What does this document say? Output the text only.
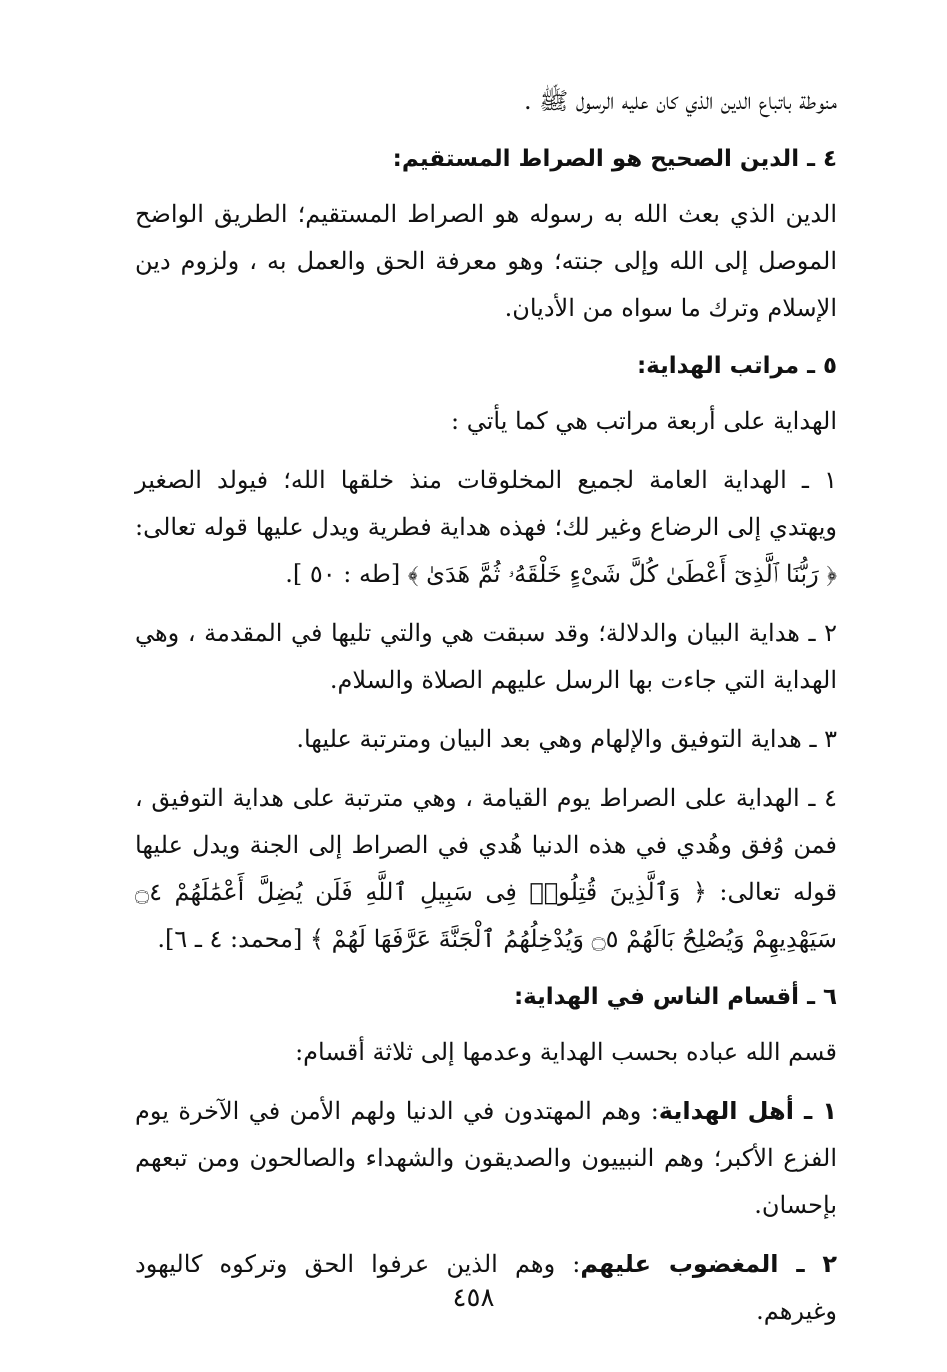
منوطة باتباع الدين الذي كان عليه الرسول ﷺ .

٤ ـ الدين الصحيح هو الصراط المستقيم:

الدين الذي بعث الله به رسوله هو الصراط المستقيم؛ الطريق الواضح الموصل إلى الله وإلى جنته؛ وهو معرفة الحق والعمل به ، ولزوم دين الإسلام وترك ما سواه من الأديان.

٥ ـ مراتب الهداية:

الهداية على أربعة مراتب هي كما يأتي :

١ ـ الهداية العامة لجميع المخلوقات منذ خلقها الله؛ فيولد الصغير ويهتدي إلى الرضاع وغير لك؛ فهذه هداية فطرية ويدل عليها قوله تعالى: ﴿ رَبُّنَا ٱلَّذِىٓ أَعْطَىٰ كُلَّ شَىْءٍ خَلْقَهُۥ ثُمَّ هَدَىٰ ﴾ [طه : ٥٠ ].

٢ ـ هداية البيان والدلالة؛ وقد سبقت هي والتي تليها في المقدمة ، وهي الهداية التي جاءت بها الرسل عليهم الصلاة والسلام.

٣ ـ هداية التوفيق والإلهام وهي بعد البيان ومترتبة عليها.

٤ ـ الهداية على الصراط يوم القيامة ، وهي مترتبة على هداية التوفيق ، فمن وُفق وهُدي في هذه الدنيا هُدي في الصراط إلى الجنة ويدل عليها قوله تعالى: ﴿ وَٱلَّذِينَ قُتِلُوا۟ فِى سَبِيلِ ٱللَّهِ فَلَن يُضِلَّ أَعْمَٰلَهُمْ ۝٤ سَيَهْدِيهِمْ وَيُصْلِحُ بَالَهُمْ ۝٥ وَيُدْخِلُهُمُ ٱلْجَنَّةَ عَرَّفَهَا لَهُمْ ﴾ [محمد: ٤ ـ ٦].

٦ ـ أقسام الناس في الهداية:

قسم الله عباده بحسب الهداية وعدمها إلى ثلاثة أقسام:

١ ـ أهل الهداية: وهم المهتدون في الدنيا ولهم الأمن في الآخرة يوم الفزع الأكبر؛ وهم النبييون والصديقون والشهداء والصالحون ومن تبعهم بإحسان.

٢ ـ المغضوب عليهم: وهم الذين عرفوا الحق وتركوه كاليهود وغيرهم.

٤٥٨
